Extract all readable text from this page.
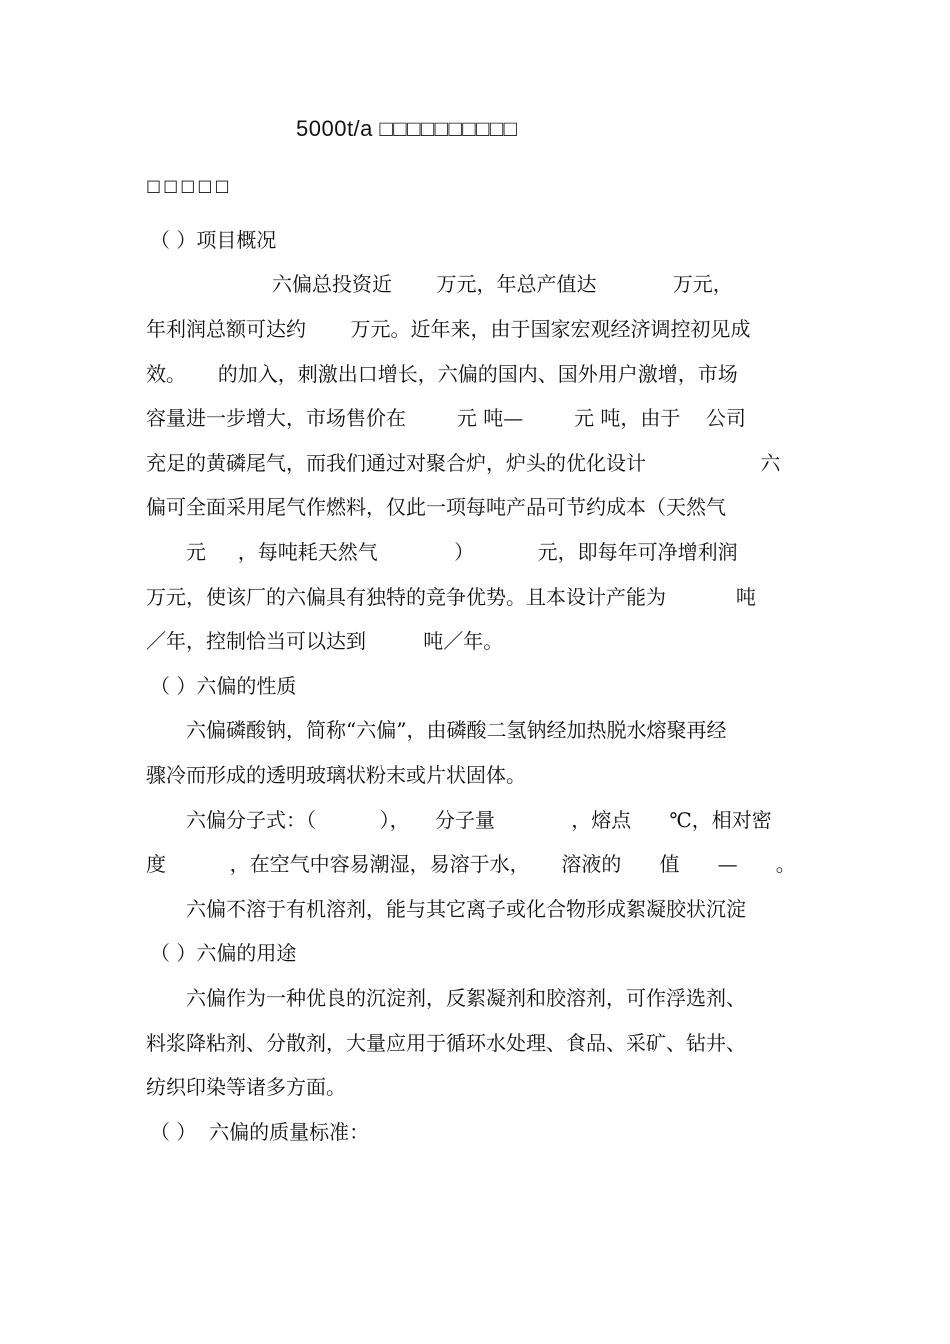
5000t/a □□□□□□□□□□
□□□□□
（ ）项目概况
六偏总投资近       万元，年总产值达            万元，
年利润总额可达约       万元。近年来，由于国家宏观经济调控初见成
效。     的加入，刺激出口增长，六偏的国内、国外用户激增，市场
容量进一步增大，市场售价在        元 吨—        元 吨，由于    公司
充足的黄磷尾气，而我们通过对聚合炉，炉头的优化设计                  六
偏可全面采用尾气作燃料，仅此一项每吨产品可节约成本（天然气
元     ，每吨耗天然气            ）          元，即每年可净增利润
万元，使该厂的六偏具有独特的竞争优势。且本设计产能为           吨
／年，控制恰当可以达到         吨／年。
（ ）六偏的性质
六偏磷酸钠，简称“六偏”，由磷酸二氢钠经加热脱水熔聚再经
骤冷而形成的透明玻璃状粉末或片状固体。
六偏分子式：（          ），    分子量            ，熔点      ℃，相对密
度          ，在空气中容易潮湿，易溶于水，     溶液的      值      —      。
六偏不溶于有机溶剂，能与其它离子或化合物形成絮凝胶状沉淀
（ ）六偏的用途
六偏作为一种优良的沉淀剂，反絮凝剂和胶溶剂，可作浮选剂、
料浆降粘剂、分散剂，大量应用于循环水处理、食品、采矿、钻井、
纺织印染等诸多方面。
（ ）  六偏的质量标准：
